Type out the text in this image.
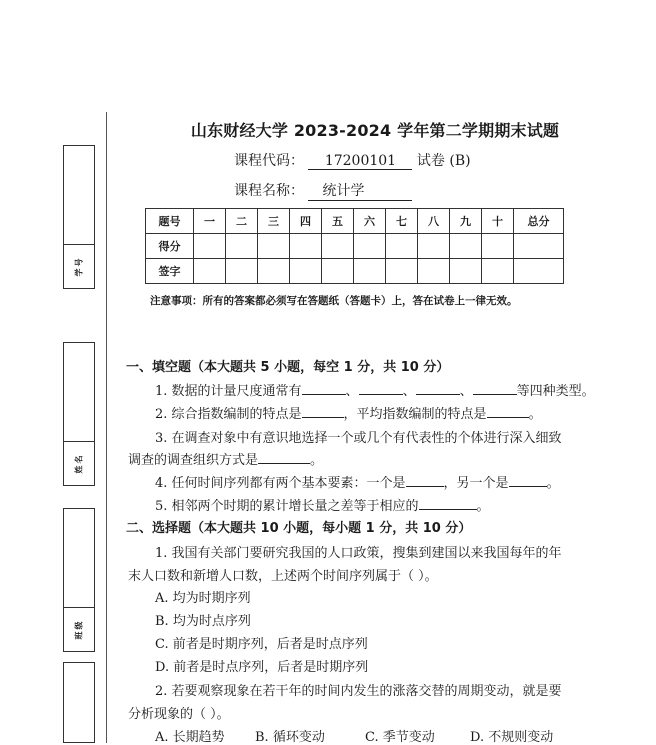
学号
姓名
班级
山东财经大学 2023-2024 学年第二学期期末试题
课程代码： 17200101 试卷 (B)
课程名称： 统计学
题号	一	二	三	四	五	六	七	八	九	十	总分
得分											
签字											
注意事项：所有的答案都必须写在答题纸（答题卡）上，答在试卷上一律无效。
一、填空题（本大题共 5 小题，每空 1 分，共 10 分）
1. 数据的计量尺度通常有	、	、	、	等四种类型。
2. 综合指数编制的特点是	，平均指数编制的特点是	。
3. 在调查对象中有意识地选择一个或几个有代表性的个体进行深入细致
调查的调查组织方式是	。
4. 任何时间序列都有两个基本要素：一个是	，另一个是	。
5. 相邻两个时期的累计增长量之差等于相应的	。
二、选择题（本大题共 10 小题，每小题 1 分，共 10 分）
1. 我国有关部门要研究我国的人口政策，搜集到建国以来我国每年的年
末人口数和新增人口数，上述两个时间序列属于（ ）。
A. 均为时期序列
B. 均为时点序列
C. 前者是时期序列，后者是时点序列
D. 前者是时点序列，后者是时期序列
2. 若要观察现象在若干年的时间内发生的涨落交替的周期变动，就是要
分析现象的（ ）。
A. 长期趋势 B. 循环变动	C. 季节变动	D. 不规则变动
